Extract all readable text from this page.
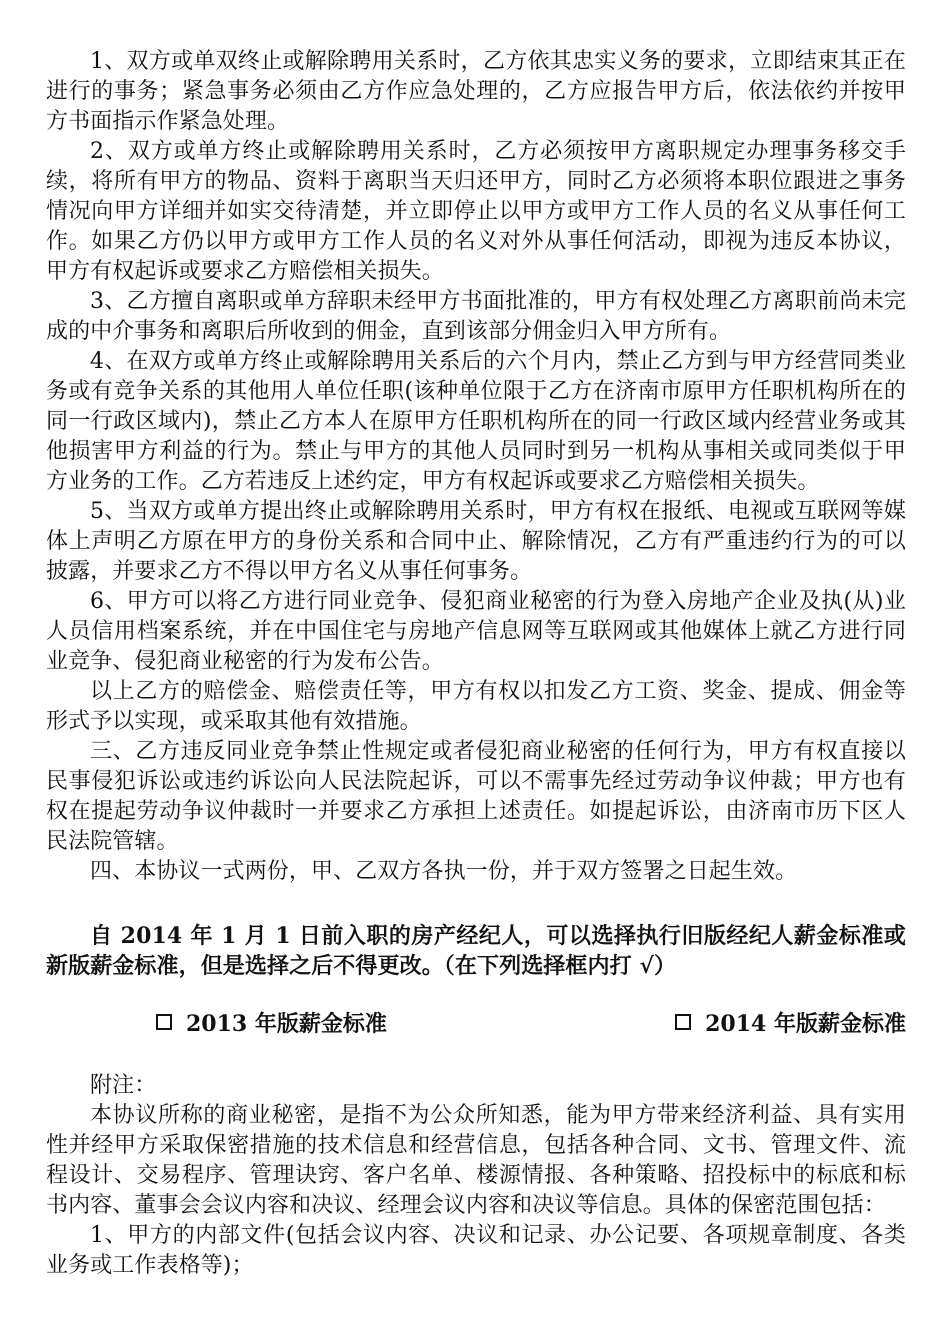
1、双方或单双终止或解除聘用关系时，乙方依其忠实义务的要求，立即结束其正在进行的事务；紧急事务必须由乙方作应急处理的，乙方应报告甲方后，依法依约并按甲方书面指示作紧急处理。

2、双方或单方终止或解除聘用关系时，乙方必须按甲方离职规定办理事务移交手续，将所有甲方的物品、资料于离职当天归还甲方，同时乙方必须将本职位跟进之事务情况向甲方详细并如实交待清楚，并立即停止以甲方或甲方工作人员的名义从事任何工作。如果乙方仍以甲方或甲方工作人员的名义对外从事任何活动，即视为违反本协议，甲方有权起诉或要求乙方赔偿相关损失。

3、乙方擅自离职或单方辞职未经甲方书面批准的，甲方有权处理乙方离职前尚未完成的中介事务和离职后所收到的佣金，直到该部分佣金归入甲方所有。

4、在双方或单方终止或解除聘用关系后的六个月内，禁止乙方到与甲方经营同类业务或有竞争关系的其他用人单位任职(该种单位限于乙方在济南市原甲方任职机构所在的同一行政区域内)，禁止乙方本人在原甲方任职机构所在的同一行政区域内经营业务或其他损害甲方利益的行为。禁止与甲方的其他人员同时到另一机构从事相关或同类似于甲方业务的工作。乙方若违反上述约定，甲方有权起诉或要求乙方赔偿相关损失。

5、当双方或单方提出终止或解除聘用关系时，甲方有权在报纸、电视或互联网等媒体上声明乙方原在甲方的身份关系和合同中止、解除情况，乙方有严重违约行为的可以披露，并要求乙方不得以甲方名义从事任何事务。

6、甲方可以将乙方进行同业竞争、侵犯商业秘密的行为登入房地产企业及执(从)业人员信用档案系统，并在中国住宅与房地产信息网等互联网或其他媒体上就乙方进行同业竞争、侵犯商业秘密的行为发布公告。

以上乙方的赔偿金、赔偿责任等，甲方有权以扣发乙方工资、奖金、提成、佣金等形式予以实现，或采取其他有效措施。

三、乙方违反同业竞争禁止性规定或者侵犯商业秘密的任何行为，甲方有权直接以民事侵犯诉讼或违约诉讼向人民法院起诉，可以不需事先经过劳动争议仲裁；甲方也有权在提起劳动争议仲裁时一并要求乙方承担上述责任。如提起诉讼，由济南市历下区人民法院管辖。

四、本协议一式两份，甲、乙双方各执一份，并于双方签署之日起生效。

自 2014 年 1 月 1 日前入职的房产经纪人，可以选择执行旧版经纪人薪金标准或新版薪金标准，但是选择之后不得更改。（在下列选择框内打 √）

2013 年版薪金标准	2014 年版薪金标准

附注：

本协议所称的商业秘密，是指不为公众所知悉，能为甲方带来经济利益、具有实用性并经甲方采取保密措施的技术信息和经营信息，包括各种合同、文书、管理文件、流程设计、交易程序、管理诀窍、客户名单、楼源情报、各种策略、招投标中的标底和标书内容、董事会会议内容和决议、经理会议内容和决议等信息。具体的保密范围包括：

1、甲方的内部文件(包括会议内容、决议和记录、办公记要、各项规章制度、各类业务或工作表格等)；
